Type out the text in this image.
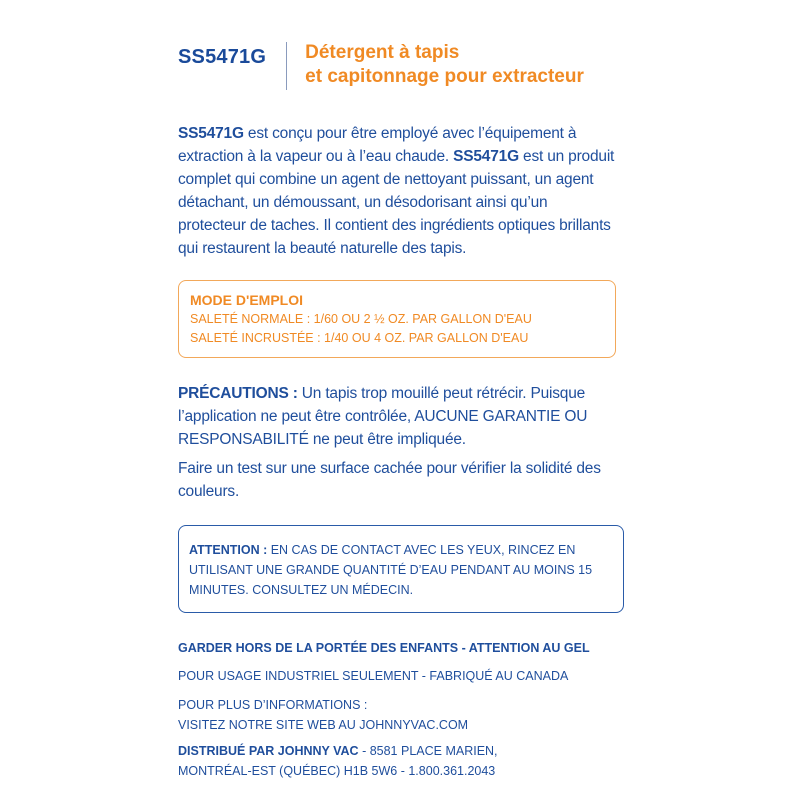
SS5471G Détergent à tapis
et capitonnage pour extracteur
SS5471G est conçu pour être employé avec l’équipement à extraction à la vapeur ou à l’eau chaude. SS5471G est un produit complet qui combine un agent de nettoyant puissant, un agent détachant, un démoussant, un désodorisant ainsi qu’un protecteur de taches. Il contient des ingrédients optiques brillants qui restaurent la beauté naturelle des tapis.
MODE D'EMPLOI
SALETÉ NORMALE : 1/60 OU 2 ½ OZ. PAR GALLON D'EAU
SALETÉ INCRUSTÉE : 1/40 OU 4 OZ. PAR GALLON D'EAU
PRÉCAUTIONS : Un tapis trop mouillé peut rétrécir. Puisque l’application ne peut être contrôlée, AUCUNE GARANTIE OU RESPONSABILITÉ ne peut être impliquée.
Faire un test sur une surface cachée pour vérifier la solidité des couleurs.
ATTENTION : EN CAS DE CONTACT AVEC LES YEUX, RINCEZ EN UTILISANT UNE GRANDE QUANTITÉ D’EAU PENDANT AU MOINS 15 MINUTES. CONSULTEZ UN MÉDECIN.
GARDER HORS DE LA PORTÉE DES ENFANTS - ATTENTION AU GEL
POUR USAGE INDUSTRIEL SEULEMENT - FABRIQUÉ AU CANADA
POUR PLUS D’INFORMATIONS :
VISITEZ NOTRE SITE WEB AU JOHNNYVAC.COM
DISTRIBUÉ PAR JOHNNY VAC - 8581 PLACE MARIEN,
MONTRÉAL-EST (QUÉBEC) H1B 5W6 - 1.800.361.2043
